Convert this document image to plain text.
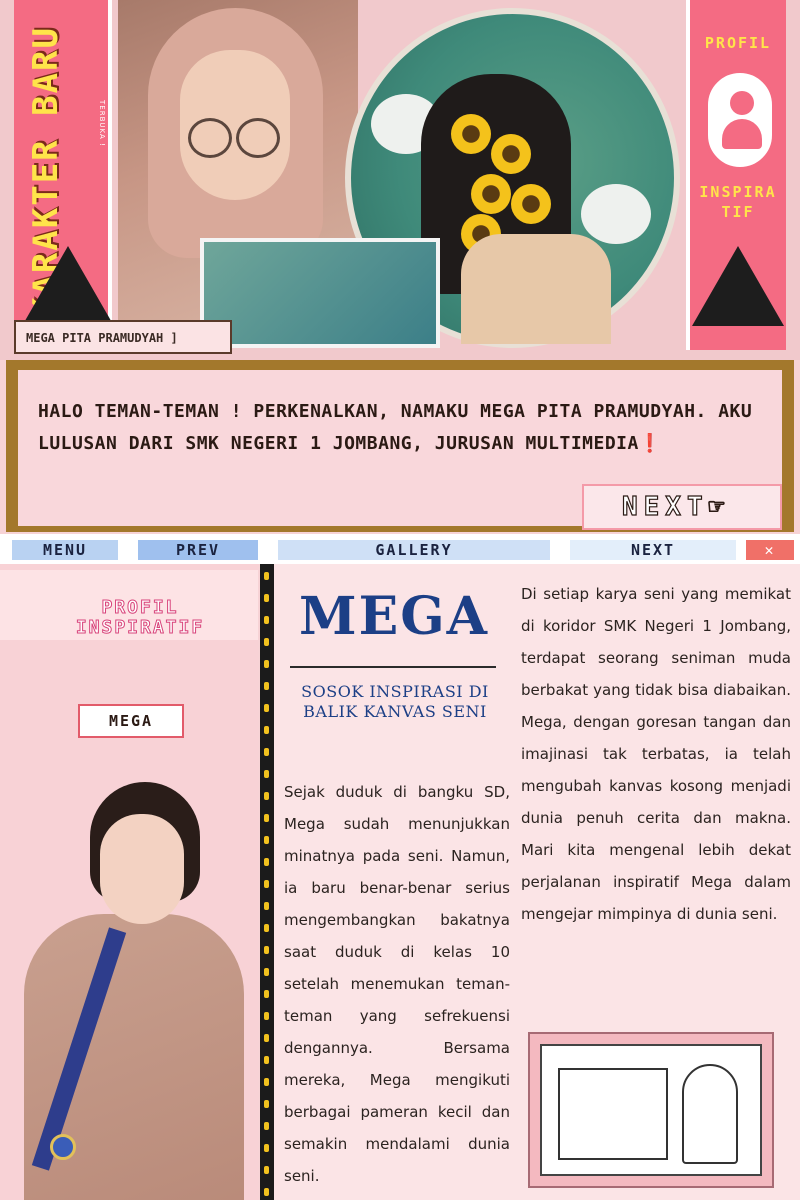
KARAKTER BARU	TERBUKA !
PROFIL
INSPIRA TIF
MEGA PITA PRAMUDYAH ]
HALO TEMAN-TEMAN ! PERKENALKAN, NAMAKU MEGA PITA PRAMUDYAH. AKU LULUSAN DARI SMK NEGERI 1 JOMBANG, JURUSAN MULTIMEDIA❗
NEXT☞
MENU	PREV	GALLERY	NEXT	✕
PROFIL INSPIRATIF
MEGA
MEGA
SOSOK INSPIRASI DI BALIK KANVAS SENI
Sejak duduk di bangku SD, Mega sudah menunjukkan minatnya pada seni. Namun, ia baru benar-benar serius mengembangkan bakatnya saat duduk di kelas 10 setelah menemukan teman-teman yang sefrekuensi dengannya. Bersama mereka, Mega mengikuti berbagai pameran kecil dan semakin mendalami dunia seni.
Di setiap karya seni yang memikat di koridor SMK Negeri 1 Jombang, terdapat seorang seniman muda berbakat yang tidak bisa diabaikan. Mega, dengan goresan tangan dan imajinasi tak terbatas, ia telah mengubah kanvas kosong menjadi dunia penuh cerita dan makna. Mari kita mengenal lebih dekat perjalanan inspiratif Mega dalam mengejar mimpinya di dunia seni.
